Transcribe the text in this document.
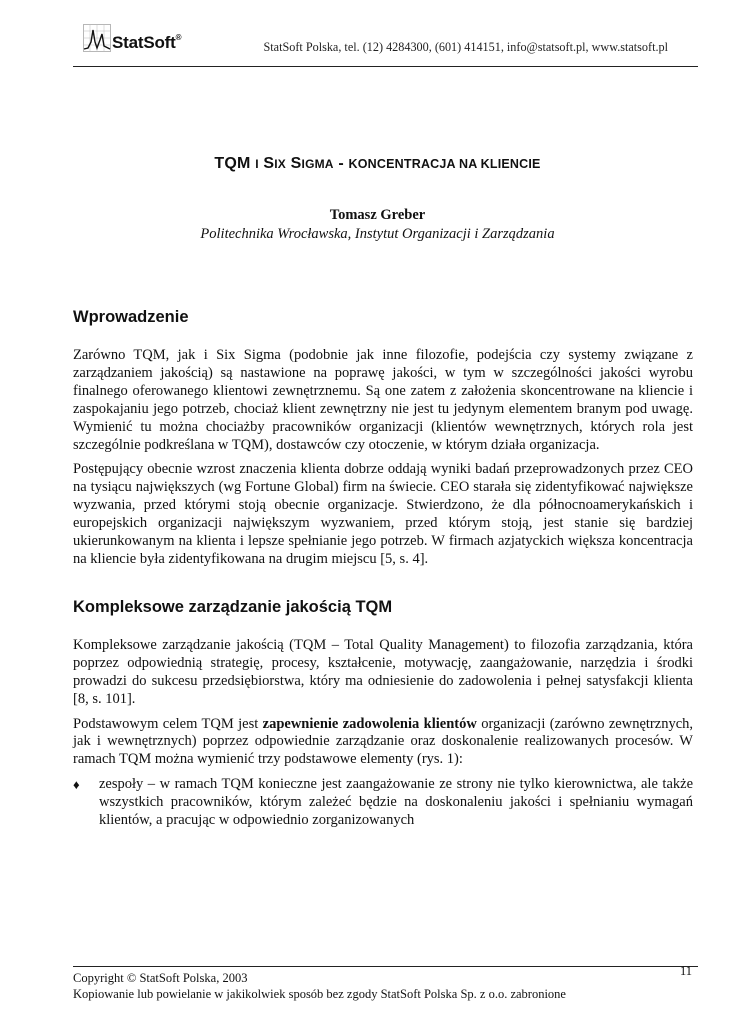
StatSoft®
StatSoft Polska, tel. (12) 4284300, (601) 414151, info@statsoft.pl, www.statsoft.pl
TQM I SIX SIGMA - KONCENTRACJA NA KLIENCIE
Tomasz Greber
Politechnika Wrocławska, Instytut Organizacji i Zarządzania
Wprowadzenie

Zarówno TQM, jak i Six Sigma (podobnie jak inne filozofie, podejścia czy systemy związane z zarządzaniem jakością) są nastawione na poprawę jakości, w tym w szczególności jakości wyrobu finalnego oferowanego klientowi zewnętrznemu. Są one zatem z założenia skoncentrowane na kliencie i zaspokajaniu jego potrzeb, chociaż klient zewnętrzny nie jest tu jedynym elementem branym pod uwagę. Wymienić tu można chociażby pracowników organizacji (klientów wewnętrznych, których rola jest szczególnie podkreślana w TQM), dostawców czy otoczenie, w którym działa organizacja.

Postępujący obecnie wzrost znaczenia klienta dobrze oddają wyniki badań przeprowadzonych przez CEO na tysiącu największych (wg Fortune Global) firm na świecie. CEO starała się zidentyfikować największe wyzwania, przed którymi stoją obecnie organizacje. Stwierdzono, że dla północnoamerykańskich i europejskich organizacji największym wyzwaniem, przed którym stoją, jest stanie się bardziej ukierunkowanym na klienta i lepsze spełnianie jego potrzeb. W firmach azjatyckich większa koncentracja na kliencie była zidentyfikowana na drugim miejscu [5, s. 4].

Kompleksowe zarządzanie jakością TQM

Kompleksowe zarządzanie jakością (TQM – Total Quality Management) to filozofia zarządzania, która poprzez odpowiednią strategię, procesy, kształcenie, motywację, zaangażowanie, narzędzia i środki prowadzi do sukcesu przedsiębiorstwa, który ma odniesienie do zadowolenia i pełnej satysfakcji klienta [8, s. 101].

Podstawowym celem TQM jest zapewnienie zadowolenia klientów organizacji (zarówno zewnętrznych, jak i wewnętrznych) poprzez odpowiednie zarządzanie oraz doskonalenie realizowanych procesów. W ramach TQM można wymienić trzy podstawowe elementy (rys. 1):

♦	zespoły – w ramach TQM konieczne jest zaangażowanie ze strony nie tylko kierownictwa, ale także wszystkich pracowników, którym zależeć będzie na doskonaleniu jakości i spełnianiu wymagań klientów, a pracując w odpowiednio zorganizowanych

11
Copyright © StatSoft Polska, 2003
Kopiowanie lub powielanie w jakikolwiek sposób bez zgody StatSoft Polska Sp. z o.o. zabronione
